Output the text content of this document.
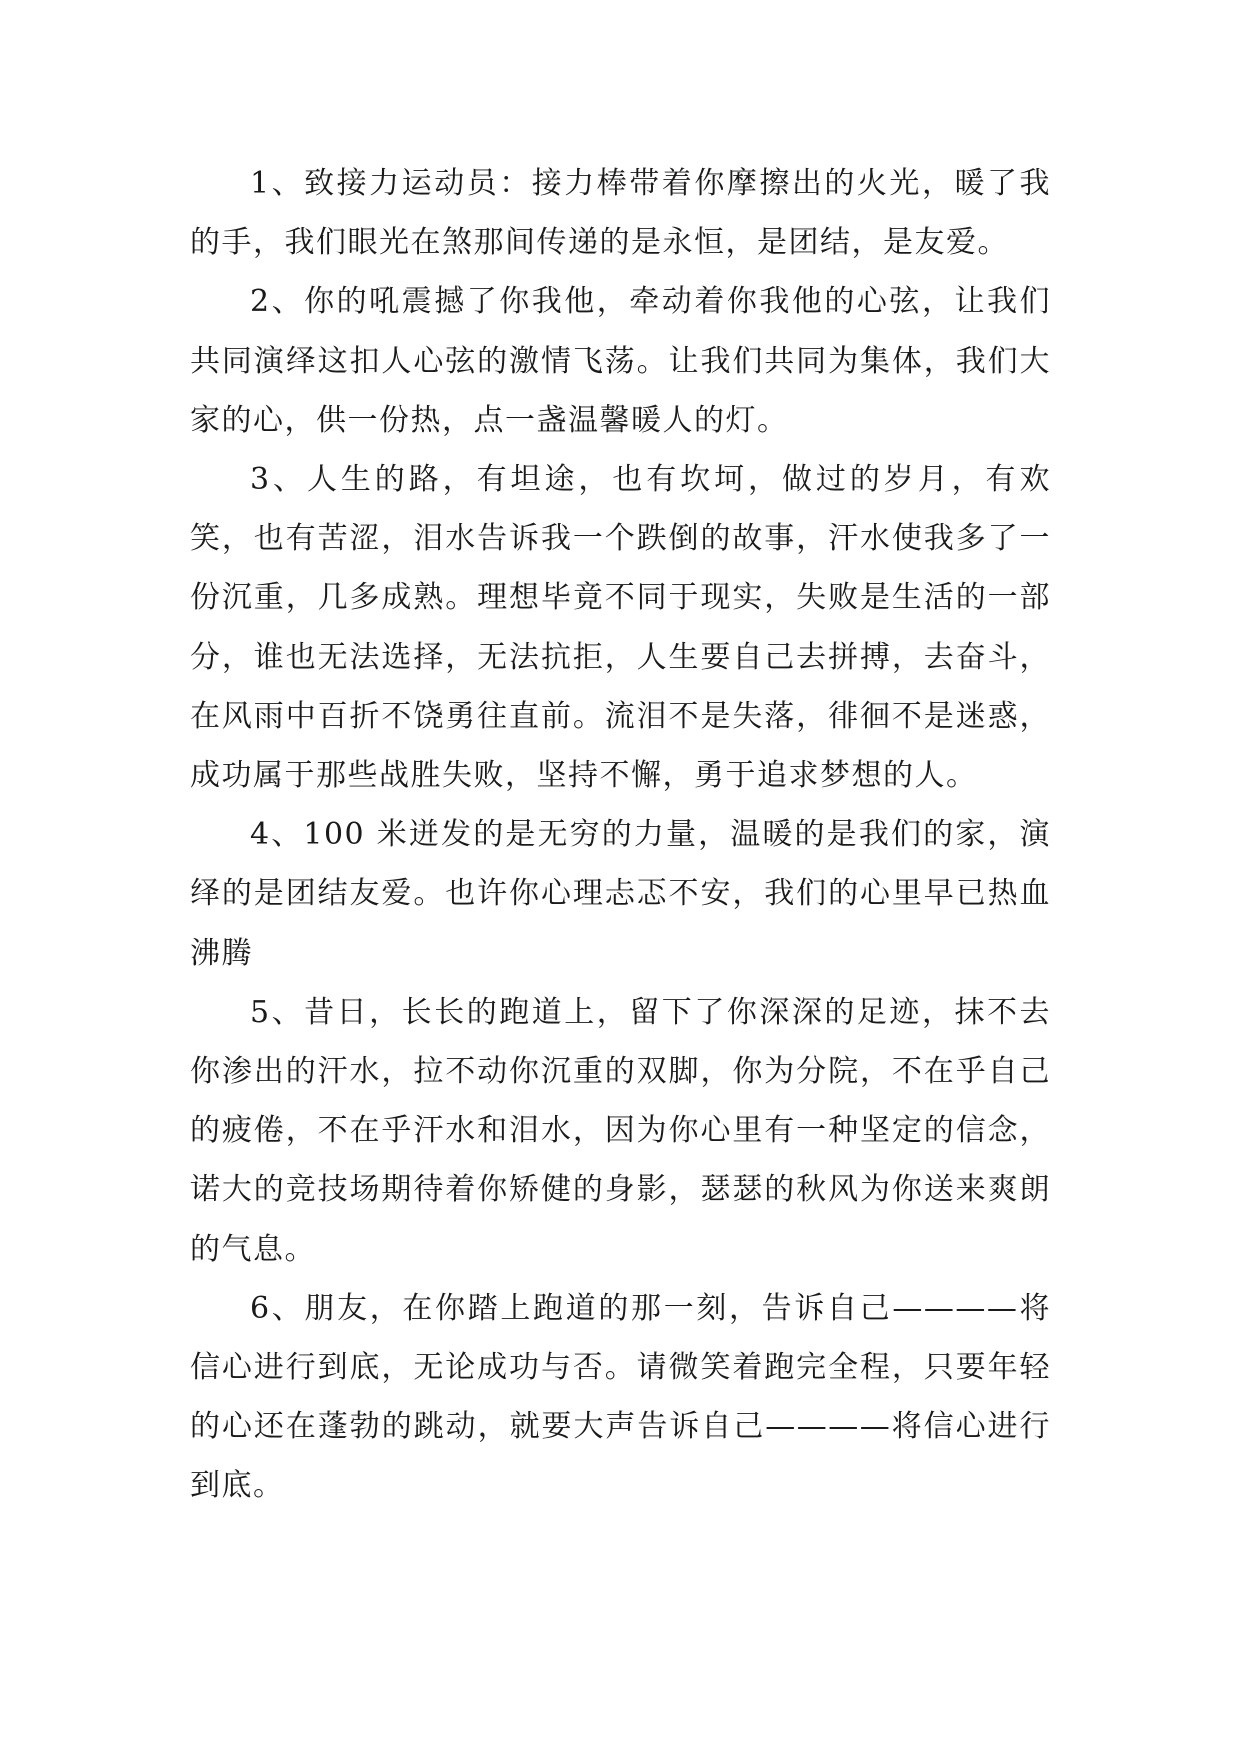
1、致接力运动员：接力棒带着你摩擦出的火光，暖了我的手，我们眼光在煞那间传递的是永恒，是团结，是友爱。

2、你的吼震撼了你我他，牵动着你我他的心弦，让我们共同演绎这扣人心弦的激情飞荡。让我们共同为集体，我们大家的心，供一份热，点一盏温馨暖人的灯。

3、人生的路，有坦途，也有坎坷，做过的岁月，有欢笑，也有苦涩，泪水告诉我一个跌倒的故事，汗水使我多了一份沉重，几多成熟。理想毕竟不同于现实，失败是生活的一部分，谁也无法选择，无法抗拒，人生要自己去拼搏，去奋斗，在风雨中百折不饶勇往直前。流泪不是失落，徘徊不是迷惑，成功属于那些战胜失败，坚持不懈，勇于追求梦想的人。

4、100 米迸发的是无穷的力量，温暖的是我们的家，演绎的是团结友爱。也许你心理忐忑不安，我们的心里早已热血沸腾

5、昔日，长长的跑道上，留下了你深深的足迹，抹不去你渗出的汗水，拉不动你沉重的双脚，你为分院，不在乎自己的疲倦，不在乎汗水和泪水，因为你心里有一种坚定的信念，诺大的竞技场期待着你矫健的身影，瑟瑟的秋风为你送来爽朗的气息。

6、朋友，在你踏上跑道的那一刻，告诉自己————将信心进行到底，无论成功与否。请微笑着跑完全程，只要年轻的心还在蓬勃的跳动，就要大声告诉自己————将信心进行到底。
